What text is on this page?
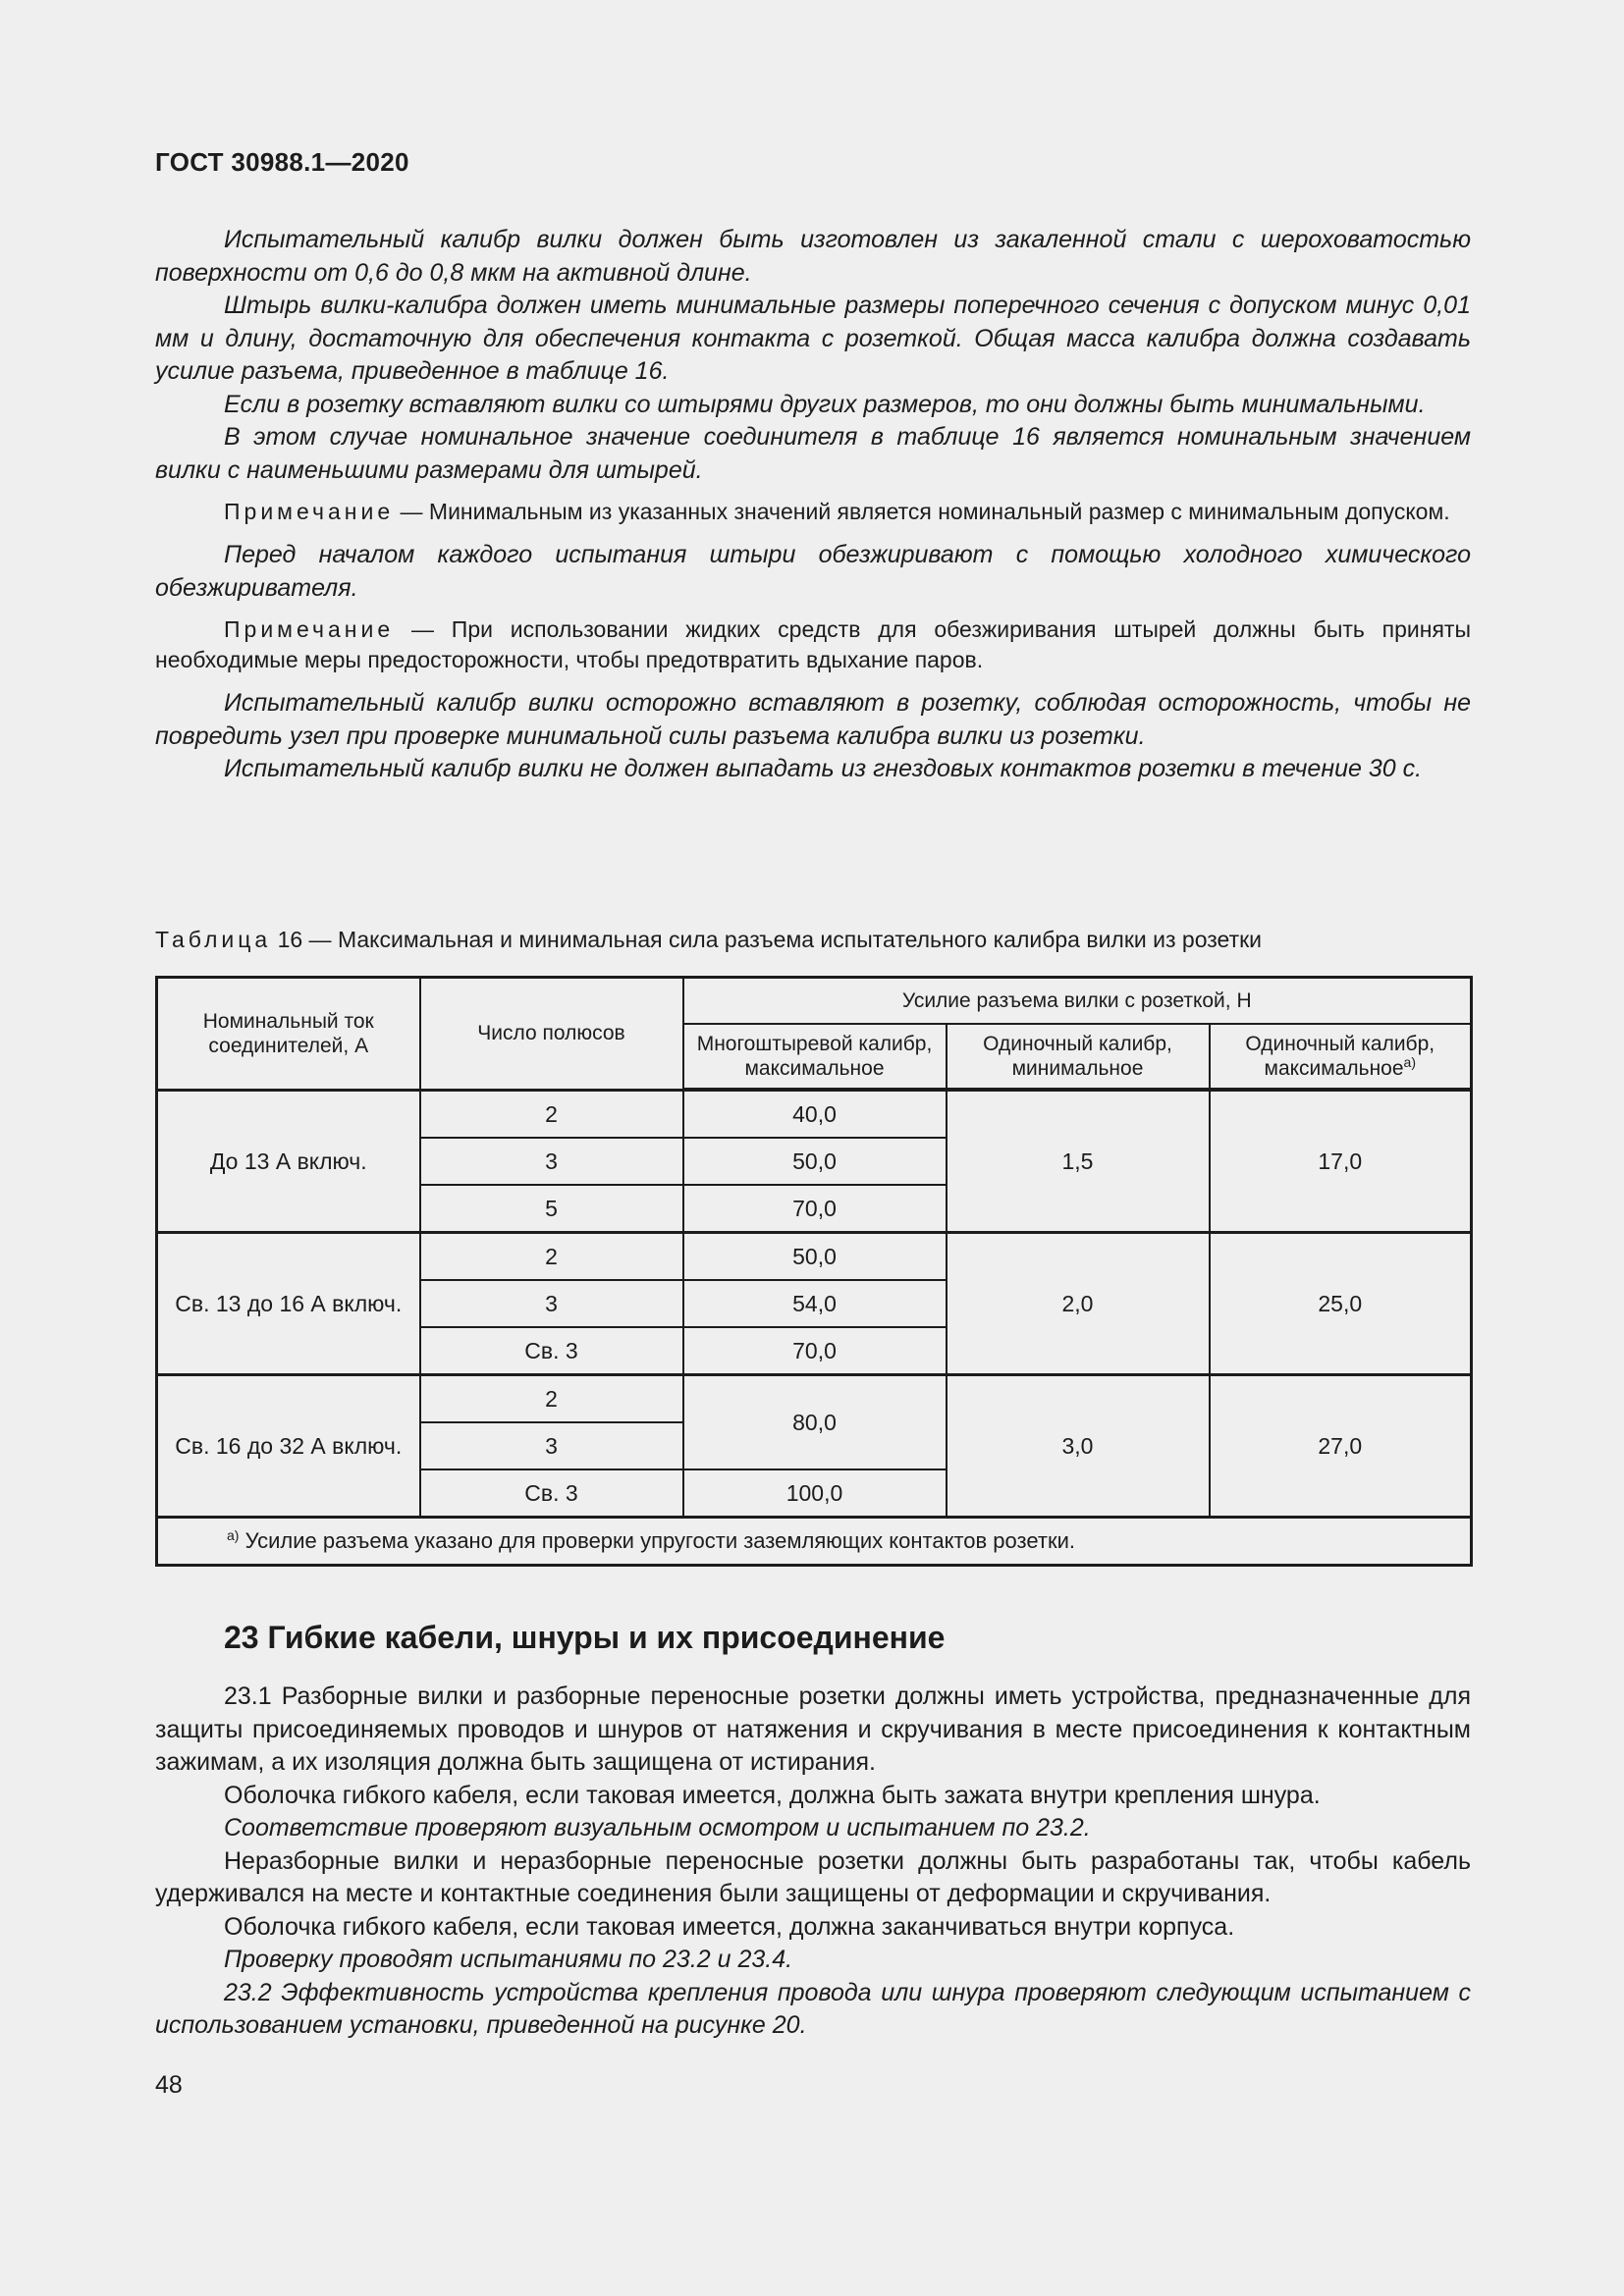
ГОСТ 30988.1—2020

Испытательный калибр вилки должен быть изготовлен из закаленной стали с шероховатостью поверхности от 0,6 до 0,8 мкм на активной длине.

Штырь вилки-калибра должен иметь минимальные размеры поперечного сечения с допуском минус 0,01 мм и длину, достаточную для обеспечения контакта с розеткой. Общая масса калибра должна создавать усилие разъема, приведенное в таблице 16.

Если в розетку вставляют вилки со штырями других размеров, то они должны быть минимальными.

В этом случае номинальное значение соединителя в таблице 16 является номинальным значением вилки с наименьшими размерами для штырей.

Примечание — Минимальным из указанных значений является номинальный размер с минимальным допуском.

Перед началом каждого испытания штыри обезжиривают с помощью холодного химического обезжиривателя.

Примечание — При использовании жидких средств для обезжиривания штырей должны быть приняты необходимые меры предосторожности, чтобы предотвратить вдыхание паров.

Испытательный калибр вилки осторожно вставляют в розетку, соблюдая осторожность, чтобы не повредить узел при проверке минимальной силы разъема калибра вилки из розетки.

Испытательный калибр вилки не должен выпадать из гнездовых контактов розетки в течение 30 с.

Таблица 16 — Максимальная и минимальная сила разъема испытательного калибра вилки из розетки
Номинальный ток соединителей, А	Число полюсов	Усилие разъема вилки с розеткой, Н		
		Многоштыревой калибр, максимальное	Одиночный калибр, минимальное	Одиночный калибр, максимальное$^{а)}$
До 13 А включ.	2	40,0	1,5	17,0
	3	50,0		
	5	70,0		
Св. 13 до 16 А включ.	2	50,0	2,0	25,0
	3	54,0		
	Св. 3	70,0		
Св. 16 до 32 А включ.	2	80,0	3,0	27,0
	3			
	Св. 3	100,0		
$^{а)}$ Усилие разъема указано для проверки упругости заземляющих контактов розетки.				
23 Гибкие кабели, шнуры и их присоединение

23.1 Разборные вилки и разборные переносные розетки должны иметь устройства, предназначенные для защиты присоединяемых проводов и шнуров от натяжения и скручивания в месте присоединения к контактным зажимам, а их изоляция должна быть защищена от истирания.

Оболочка гибкого кабеля, если таковая имеется, должна быть зажата внутри крепления шнура.

Соответствие проверяют визуальным осмотром и испытанием по 23.2.

Неразборные вилки и неразборные переносные розетки должны быть разработаны так, чтобы кабель удерживался на месте и контактные соединения были защищены от деформации и скручивания.

Оболочка гибкого кабеля, если таковая имеется, должна заканчиваться внутри корпуса.

Проверку проводят испытаниями по 23.2 и 23.4.

23.2 Эффективность устройства крепления провода или шнура проверяют следующим испытанием с использованием установки, приведенной на рисунке 20.

48
